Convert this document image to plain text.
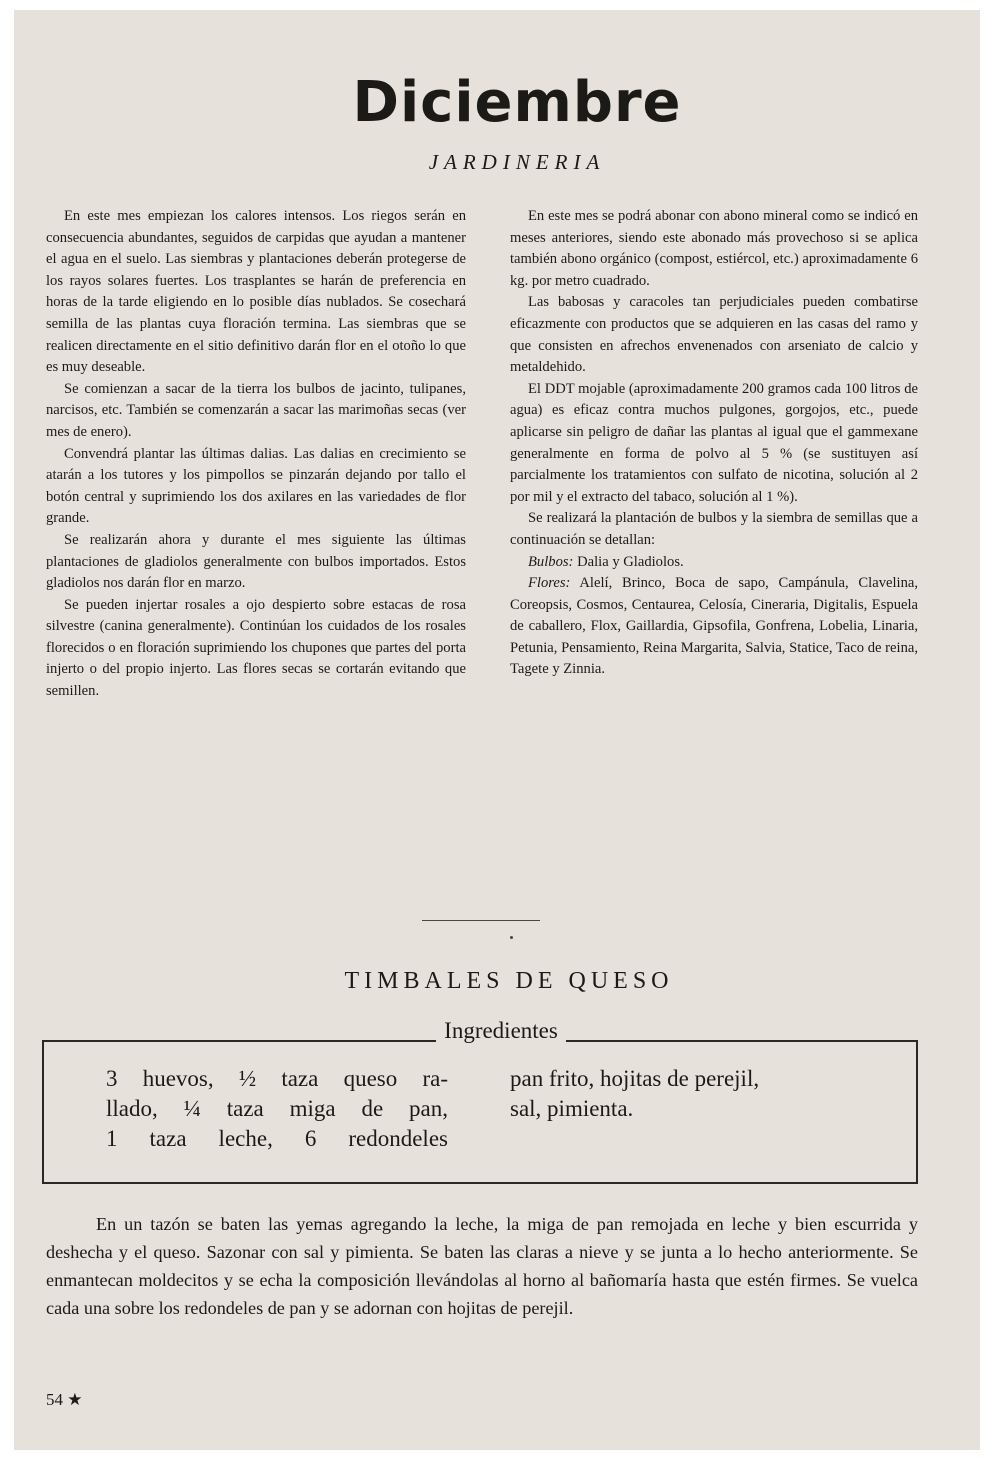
Diciembre
JARDINERIA

En este mes empiezan los calores intensos. Los riegos serán en consecuencia abundantes, seguidos de carpidas que ayudan a mantener el agua en el suelo. Las siembras y plantaciones deberán protegerse de los rayos solares fuertes. Los trasplantes se harán de preferencia en horas de la tarde eligiendo en lo posible días nublados. Se cosechará semilla de las plantas cuya floración termina. Las siembras que se realicen directamente en el sitio definitivo darán flor en el otoño lo que es muy deseable.

Se comienzan a sacar de la tierra los bulbos de jacinto, tulipanes, narcisos, etc. También se comenzarán a sacar las marimoñas secas (ver mes de enero).

Convendrá plantar las últimas dalias. Las dalias en crecimiento se atarán a los tutores y los pimpollos se pinzarán dejando por tallo el botón central y suprimiendo los dos axilares en las variedades de flor grande.

Se realizarán ahora y durante el mes siguiente las últimas plantaciones de gladiolos generalmente con bulbos importados. Estos gladiolos nos darán flor en marzo.

Se pueden injertar rosales a ojo despierto sobre estacas de rosa silvestre (canina generalmente). Continúan los cuidados de los rosales florecidos o en floración suprimiendo los chupones que partes del porta injerto o del propio injerto. Las flores secas se cortarán evitando que semillen.

En este mes se podrá abonar con abono mineral como se indicó en meses anteriores, siendo este abonado más provechoso si se aplica también abono orgánico (compost, estiércol, etc.) aproximadamente 6 kg. por metro cuadrado.

Las babosas y caracoles tan perjudiciales pueden combatirse eficazmente con productos que se adquieren en las casas del ramo y que consisten en afrechos envenenados con arseniato de calcio y metaldehido.

El DDT mojable (aproximadamente 200 gramos cada 100 litros de agua) es eficaz contra muchos pulgones, gorgojos, etc., puede aplicarse sin peligro de dañar las plantas al igual que el gammexane generalmente en forma de polvo al 5 % (se sustituyen así parcialmente los tratamientos con sulfato de nicotina, solución al 2 por mil y el extracto del tabaco, solución al 1 %).

Se realizará la plantación de bulbos y la siembra de semillas que a continuación se detallan:

Bulbos: Dalia y Gladiolos.

Flores: Alelí, Brinco, Boca de sapo, Campánula, Clavelina, Coreopsis, Cosmos, Centaurea, Celosía, Cineraria, Digitalis, Espuela de caballero, Flox, Gaillardia, Gipsofila, Gonfrena, Lobelia, Linaria, Petunia, Pensamiento, Reina Margarita, Salvia, Statice, Taco de reina, Tagete y Zinnia.

TIMBALES DE QUESO
Ingredientes
3 huevos, ½ taza queso ra-
llado, ¼ taza miga de pan,
1 taza leche, 6 redondeles
pan frito, hojitas de perejil,
sal, pimienta.

En un tazón se baten las yemas agregando la leche, la miga de pan remojada en leche y bien escurrida y deshecha y el queso. Sazonar con sal y pimienta. Se baten las claras a nieve y se junta a lo hecho anteriormente. Se enmantecan moldecitos y se echa la composición llevándolas al horno al bañomaría hasta que estén firmes. Se vuelca cada una sobre los redondeles de pan y se adornan con hojitas de perejil.

54 ★
